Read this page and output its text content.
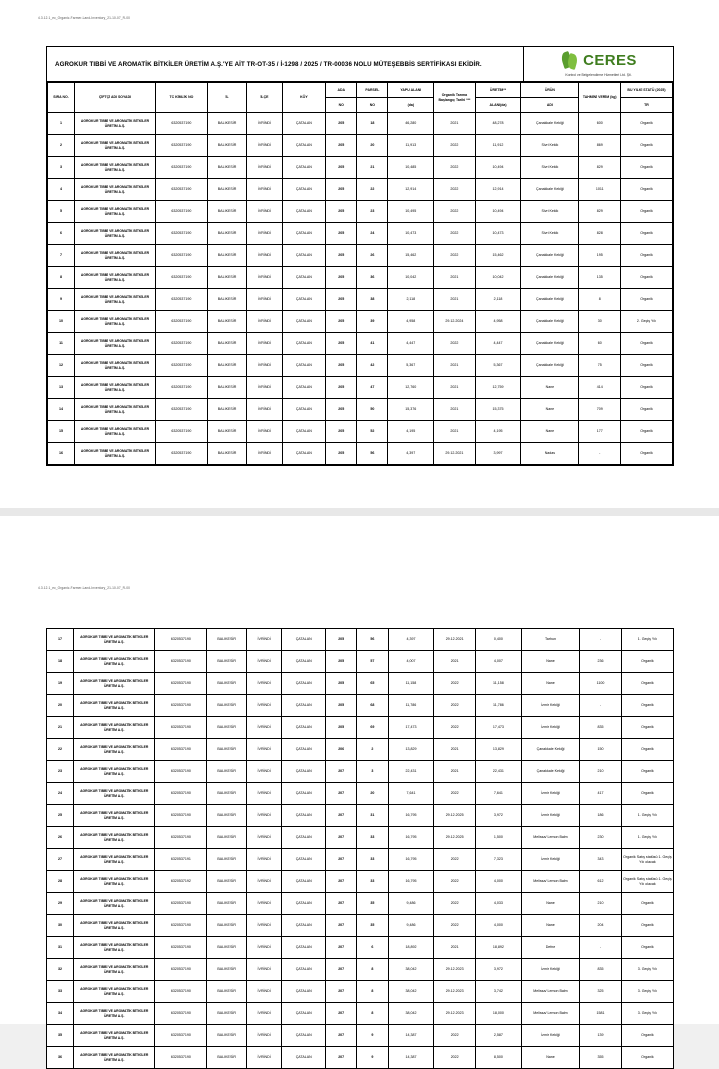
4.3.12.1_ec_Organic-Farmer-Land-Inventory_21-10-07_R-00
AGROKUR TIBBİ VE AROMATİK BİTKİLER ÜRETİM A.Ş.'YE AİT TR-OT-35 / İ-1298 / 2025 / TR-00036 NOLU MÜTEŞEBBİS SERTİFİKASI EKİDİR.	CERES
Kontrol ve Belgelendirme Hizmetleri Ltd. Şti.
SIRA NO.	ÇİFTÇİ ADI SOYADI	TC KİMLİK NO	İL	İLÇE	KÖY	ADA	PARSEL	YAPU ALANI	Organik Tarıma Başlangıç Tarihi ***	ÜRETİM**	ÜRÜN	TAHMİNİ VERİM (kg)	BU YILKİ STATÜ (2025)
						NO	NO	(da)		ALANI(da)	ADI		TR
1	AGROKUR TIBBİ VE AROMATİK BİTKİLER ÜRETİM A.Ş.	6320537190	BALIKESİR	İVRİNDİ	ÇATALAN	205	18	46,280	2021	48,278	Çanakkale Kekiği	600	Organik
2	AGROKUR TIBBİ VE AROMATİK BİTKİLER ÜRETİM A.Ş.	6320537190	BALIKESİR	İVRİNDİ	ÇATALAN	205	20	11,913	2022	11,912	Sivri Kekik	869	Organik
3	AGROKUR TIBBİ VE AROMATİK BİTKİLER ÜRETİM A.Ş.	6320537190	BALIKESİR	İVRİNDİ	ÇATALAN	205	21	10,485	2022	10,494	Sivri Kekik	829	Organik
4	AGROKUR TIBBİ VE AROMATİK BİTKİLER ÜRETİM A.Ş.	6320537190	BALIKESİR	İVRİNDİ	ÇATALAN	205	22	12,914	2022	12,914	Çanakkale Kekiği	1011	Organik
5	AGROKUR TIBBİ VE AROMATİK BİTKİLER ÜRETİM A.Ş.	6320537190	BALIKESİR	İVRİNDİ	ÇATALAN	205	23	10,495	2022	10,494	Sivri Kekik	829	Organik
6	AGROKUR TIBBİ VE AROMATİK BİTKİLER ÜRETİM A.Ş.	6320537190	BALIKESİR	İVRİNDİ	ÇATALAN	205	24	10,473	2022	10,473	Sivri Kekik	828	Organik
7	AGROKUR TIBBİ VE AROMATİK BİTKİLER ÜRETİM A.Ş.	6320537190	BALIKESİR	İVRİNDİ	ÇATALAN	205	26	15,462	2022	15,462	Çanakkale Kekiği	195	Organik
8	AGROKUR TIBBİ VE AROMATİK BİTKİLER ÜRETİM A.Ş.	6320537190	BALIKESİR	İVRİNDİ	ÇATALAN	205	36	10,042	2021	10,042	Çanakkale Kekiği	135	Organik
9	AGROKUR TIBBİ VE AROMATİK BİTKİLER ÜRETİM A.Ş.	6320537190	BALIKESİR	İVRİNDİ	ÇATALAN	205	38	2,118	2021	2,118	Çanakkale Kekiği	8	Organik
10	AGROKUR TIBBİ VE AROMATİK BİTKİLER ÜRETİM A.Ş.	6320537190	BALIKESİR	İVRİNDİ	ÇATALAN	205	39	4,958	29.12.2024	4,958	Çanakkale Kekiği	30	2. Geçiş Yılı
11	AGROKUR TIBBİ VE AROMATİK BİTKİLER ÜRETİM A.Ş.	6320537190	BALIKESİR	İVRİNDİ	ÇATALAN	205	41	4,447	2022	4,447	Çanakkale Kekiği	60	Organik
12	AGROKUR TIBBİ VE AROMATİK BİTKİLER ÜRETİM A.Ş.	6320537190	BALIKESİR	İVRİNDİ	ÇATALAN	205	42	5,367	2021	5,367	Çanakkale Kekiği	75	Organik
13	AGROKUR TIBBİ VE AROMATİK BİTKİLER ÜRETİM A.Ş.	6320537190	BALIKESİR	İVRİNDİ	ÇATALAN	205	47	12,760	2021	12,759	Nane	414	Organik
14	AGROKUR TIBBİ VE AROMATİK BİTKİLER ÜRETİM A.Ş.	6320537190	BALIKESİR	İVRİNDİ	ÇATALAN	205	50	15,376	2021	15,375	Nane	709	Organik
15	AGROKUR TIBBİ VE AROMATİK BİTKİLER ÜRETİM A.Ş.	6320537190	BALIKESİR	İVRİNDİ	ÇATALAN	205	52	4,195	2021	4,195	Nane	177	Organik
16	AGROKUR TIBBİ VE AROMATİK BİTKİLER ÜRETİM A.Ş.	6320537190	BALIKESİR	İVRİNDİ	ÇATALAN	205	56	4,397	29.12.2021	3,997	Nadas	-	Organik
4.3.12.1_ec_Organic-Farmer-Land-Inventory_21-10-07_R-00
17	AGROKUR TIBBİ VE AROMATİK BİTKİLER ÜRETİM A.Ş.	6320537190	BALIKESİR	İVRİNDİ	ÇATALAN	205	56	4,397	29.12.2021	0,400	Tarhun	-	1. Geçiş Yılı
18	AGROKUR TIBBİ VE AROMATİK BİTKİLER ÜRETİM A.Ş.	6320537190	BALIKESİR	İVRİNDİ	ÇATALAN	205	57	4,007	2021	4,007	Nane	236	Organik
19	AGROKUR TIBBİ VE AROMATİK BİTKİLER ÜRETİM A.Ş.	6320537190	BALIKESİR	İVRİNDİ	ÇATALAN	205	65	11,158	2022	11,158	Nane	1100	Organik
20	AGROKUR TIBBİ VE AROMATİK BİTKİLER ÜRETİM A.Ş.	6320537190	BALIKESİR	İVRİNDİ	ÇATALAN	205	68	11,786	2022	11,786	İzmir Kekiği	-	Organik
21	AGROKUR TIBBİ VE AROMATİK BİTKİLER ÜRETİM A.Ş.	6320537190	BALIKESİR	İVRİNDİ	ÇATALAN	205	69	17,473	2022	17,473	İzmir Kekiği	835	Organik
22	AGROKUR TIBBİ VE AROMATİK BİTKİLER ÜRETİM A.Ş.	6320537190	BALIKESİR	İVRİNDİ	ÇATALAN	206	2	13,829	2021	13,829	Çanakkale Kekiği	150	Organik
23	AGROKUR TIBBİ VE AROMATİK BİTKİLER ÜRETİM A.Ş.	6320537190	BALIKESİR	İVRİNDİ	ÇATALAN	207	3	22,431	2021	22,431	Çanakkale Kekiği	210	Organik
24	AGROKUR TIBBİ VE AROMATİK BİTKİLER ÜRETİM A.Ş.	6320537190	BALIKESİR	İVRİNDİ	ÇATALAN	207	20	7,641	2022	7,641	İzmir Kekiği	417	Organik
25	AGROKUR TIBBİ VE AROMATİK BİTKİLER ÜRETİM A.Ş.	6320537190	BALIKESİR	İVRİNDİ	ÇATALAN	207	31	16,795	29.12.2025	3,972	İzmir Kekiği	186	1. Geçiş Yılı
26	AGROKUR TIBBİ VE AROMATİK BİTKİLER ÜRETİM A.Ş.	6320537190	BALIKESİR	İVRİNDİ	ÇATALAN	207	33	16,795	29.12.2025	1,500	Melissa/ Lemon Balm	230	1. Geçiş Yılı
27	AGROKUR TIBBİ VE AROMATİK BİTKİLER ÜRETİM A.Ş.	6320537191	BALIKESİR	İVRİNDİ	ÇATALAN	207	33	16,795	2022	7,323	İzmir Kekiği	343	Organik Satış statüsü 1. Geçiş Yılı olacak
28	AGROKUR TIBBİ VE AROMATİK BİTKİLER ÜRETİM A.Ş.	6320537192	BALIKESİR	İVRİNDİ	ÇATALAN	207	33	16,795	2022	4,000	Melissa/ Lemon Balm	612	Organik Satış statüsü 1. Geçiş Yılı olacak
29	AGROKUR TIBBİ VE AROMATİK BİTKİLER ÜRETİM A.Ş.	6320537190	BALIKESİR	İVRİNDİ	ÇATALAN	207	35	9,486	2022	4,033	Nane	210	Organik
30	AGROKUR TIBBİ VE AROMATİK BİTKİLER ÜRETİM A.Ş.	6320537190	BALIKESİR	İVRİNDİ	ÇATALAN	207	35	9,486	2022	4,000	Nane	204	Organik
31	AGROKUR TIBBİ VE AROMATİK BİTKİLER ÜRETİM A.Ş.	6320537190	BALIKESİR	İVRİNDİ	ÇATALAN	207	6	18,892	2021	18,892	Defne	-	Organik
32	AGROKUR TIBBİ VE AROMATİK BİTKİLER ÜRETİM A.Ş.	6320537190	BALIKESİR	İVRİNDİ	ÇATALAN	207	8	38,042	29.12.2023	3,972	İzmir Kekiği	835	3. Geçiş Yılı
33	AGROKUR TIBBİ VE AROMATİK BİTKİLER ÜRETİM A.Ş.	6320537190	BALIKESİR	İVRİNDİ	ÇATALAN	207	8	38,042	29.12.2023	3,742	Melissa/ Lemon Balm	325	3. Geçiş Yılı
34	AGROKUR TIBBİ VE AROMATİK BİTKİLER ÜRETİM A.Ş.	6320537190	BALIKESİR	İVRİNDİ	ÇATALAN	207	8	38,042	29.12.2023	18,000	Melissa/ Lemon Balm	1581	3. Geçiş Yılı
35	AGROKUR TIBBİ VE AROMATİK BİTKİLER ÜRETİM A.Ş.	6320537190	BALIKESİR	İVRİNDİ	ÇATALAN	207	9	14,387	2022	2,587	İzmir Kekiği	139	Organik
36	AGROKUR TIBBİ VE AROMATİK BİTKİLER ÜRETİM A.Ş.	6320537190	BALIKESİR	İVRİNDİ	ÇATALAN	207	9	14,387	2022	8,500	Nane	355	Organik
